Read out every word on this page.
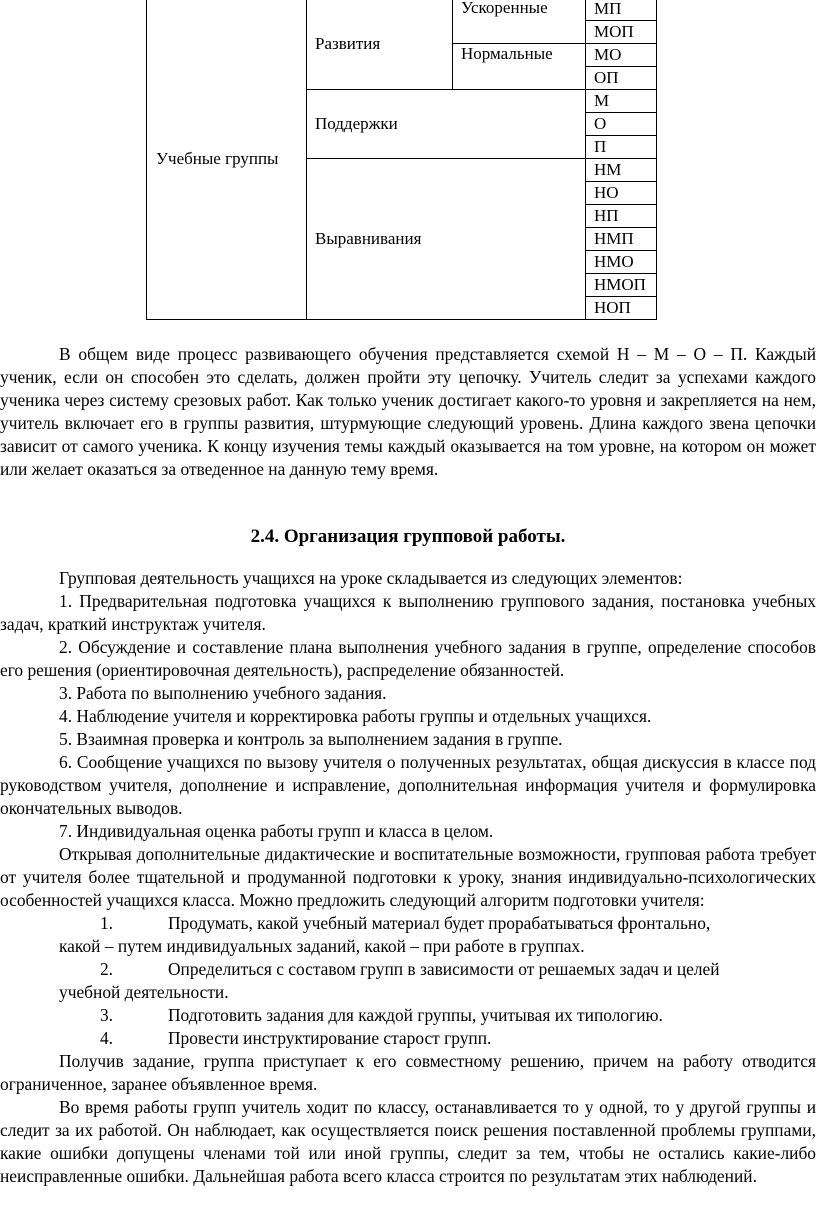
Учебные группы	Развития	Ускоренные	МП
			МОП
		Нормальные	МО
			ОП
	Поддержки		М
			О
			П
	Выравнивания		НМ
			НО
			НП
			НМП
			НМО
			НМОП
			НОП

В общем виде процесс развивающего обучения представляется схемой Н – М – О – П. Каждый ученик, если он способен это сделать, должен пройти эту цепочку. Учитель следит за успехами каждого ученика через систему срезовых работ. Как только ученик достигает какого-то уровня и закрепляется на нем, учитель включает его в группы развития, штурмующие следующий уровень. Длина каждого звена цепочки зависит от самого ученика. К концу изучения темы каждый оказывается на том уровне, на котором он может или желает оказаться за отведенное на данную тему время.

2.4. Организация групповой работы.

Групповая деятельность учащихся на уроке складывается из следующих элементов:

1. Предварительная подготовка учащихся к выполнению группового задания, постановка учебных задач, краткий инструктаж учителя.

2. Обсуждение и составление плана выполнения учебного задания в группе, определение способов его решения (ориентировочная деятельность), распределение обязанностей.

3. Работа по выполнению учебного задания.

4. Наблюдение учителя и корректировка работы группы и отдельных учащихся.

5. Взаимная проверка и контроль за выполнением задания в группе.

6. Сообщение учащихся по вызову учителя о полученных результатах, общая дискуссия в классе под руководством учителя, дополнение и исправление, дополнительная информация учителя и формулировка окончательных выводов.

7. Индивидуальная оценка работы групп и класса в целом.

Открывая дополнительные дидактические и воспитательные возможности, групповая работа требует от учителя более тщательной и продуманной подготовки к уроку, знания индивидуально-психологических особенностей учащихся класса. Можно предложить следующий алгоритм подготовки учителя:

1.	Продумать, какой учебный материал будет прорабатываться фронтально,

какой – путем индивидуальных заданий, какой – при работе в группах.

2.	Определиться с составом групп в зависимости от решаемых задач и целей

учебной деятельности.

3.	Подготовить задания для каждой группы, учитывая их типологию.

4.	Провести инструктирование старост групп.

Получив задание, группа приступает к его совместному решению, причем на работу отводится ограниченное, заранее объявленное время.

Во время работы групп учитель ходит по классу, останавливается то у одной, то у другой группы и следит за их работой. Он наблюдает, как осуществляется поиск решения поставленной проблемы группами, какие ошибки допущены членами той или иной группы, следит за тем, чтобы не остались какие-либо неисправленные ошибки. Дальнейшая работа всего класса строится по результатам этих наблюдений.
